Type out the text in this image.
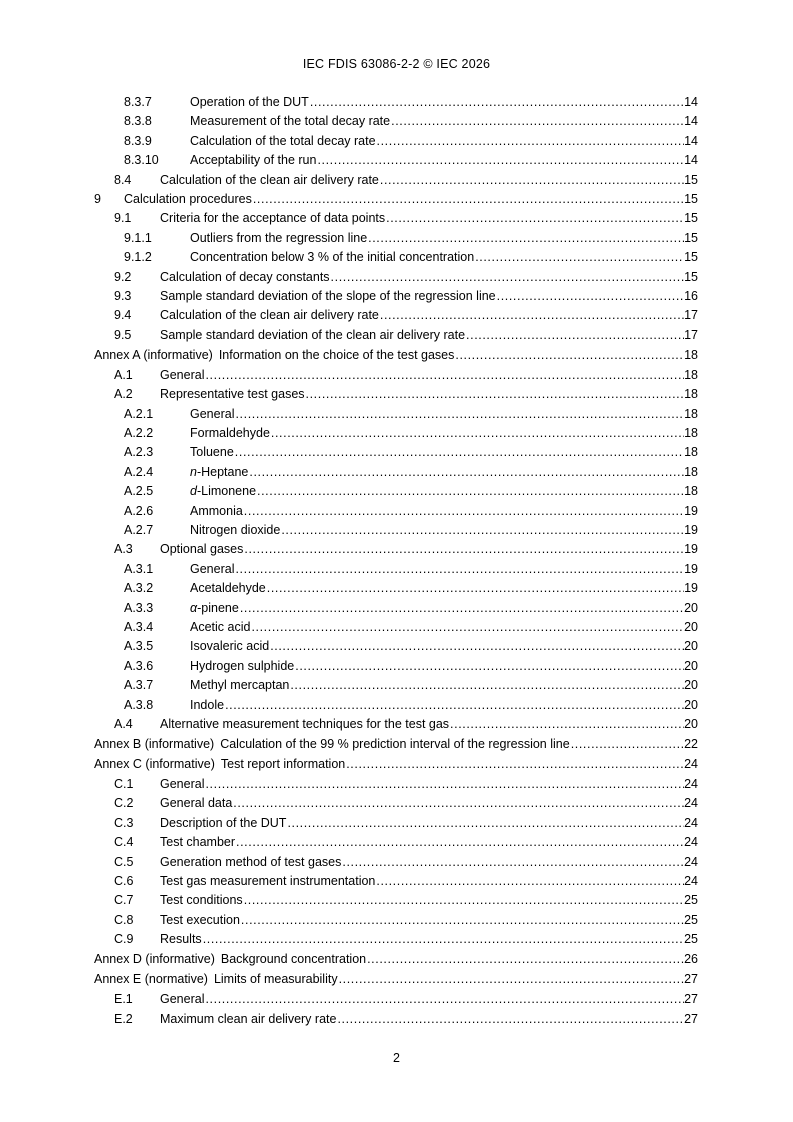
IEC FDIS 63086-2-2 © IEC 2026
8.3.7	Operation of the DUT .....	14
8.3.8	Measurement of the total decay rate .....	14
8.3.9	Calculation of the total decay rate .....	14
8.3.10 Acceptability of the run .....	14
8.4 Calculation of the clean air delivery rate .....	15
9 Calculation procedures .....	15
9.1 Criteria for the acceptance of data points .....	15
9.1.1	Outliers from the regression line .....	15
9.1.2	Concentration below 3 % of the initial concentration .....	15
9.2 Calculation of decay constants .....	15
9.3 Sample standard deviation of the slope of the regression line .....	16
9.4 Calculation of the clean air delivery rate .....	17
9.5 Sample standard deviation of the clean air delivery rate .....	17
Annex A (informative) Information on the choice of the test gases .....	18
A.1 General .....	18
A.2 Representative test gases .....	18
A.2.1	General .....	18
A.2.2	Formaldehyde .....	18
A.2.3	Toluene .....	18
A.2.4	n-Heptane .....	18
A.2.5	d-Limonene .....	18
A.2.6	Ammonia .....	19
A.2.7	Nitrogen dioxide .....	19
A.3 Optional gases .....	19
A.3.1	General .....	19
A.3.2	Acetaldehyde .....	19
A.3.3	α-pinene .....	20
A.3.4	Acetic acid .....	20
A.3.5	Isovaleric acid .....	20
A.3.6	Hydrogen sulphide .....	20
A.3.7	Methyl mercaptan .....	20
A.3.8	Indole .....	20
A.4 Alternative measurement techniques for the test gas .....	20
Annex B (informative) Calculation of the 99 % prediction interval of the regression line .....	22
Annex C (informative) Test report information .....	24
C.1 General .....	24
C.2 General data .....	24
C.3 Description of the DUT .....	24
C.4 Test chamber .....	24
C.5 Generation method of test gases .....	24
C.6 Test gas measurement instrumentation .....	24
C.7 Test conditions .....	25
C.8 Test execution .....	25
C.9 Results .....	25
Annex D (informative) Background concentration .....	26
Annex E (normative) Limits of measurability .....	27
E.1 General .....	27
E.2 Maximum clean air delivery rate .....	27
2
